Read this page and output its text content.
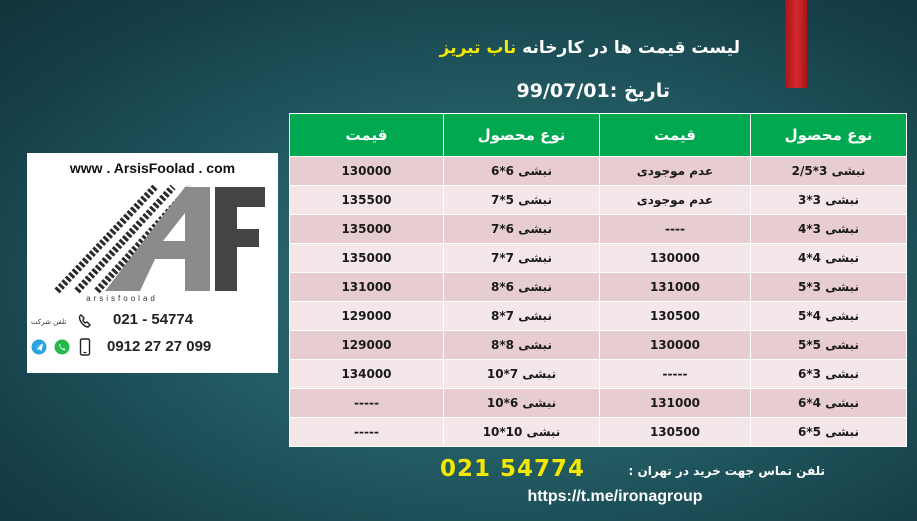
لیست قیمت ها در کارخانه ناب تبریز
تاریخ :99/07/01
www . ArsisFoolad . com
arsisfoolad
تلفن شرکت	021 - 54774
0912 27 27 099
نوع محصول	قیمت	نوع محصول	قیمت
نبشی 3*2/5	عدم موجودی	نبشی 6*6	130000
نبشی 3*3	عدم موجودی	نبشی 5*7	135500
نبشی 3*4	----	نبشی 6*7	135000
نبشی 4*4	130000	نبشی 7*7	135000
نبشی 3*5	131000	نبشی 6*8	131000
نبشی 4*5	130500	نبشی 7*8	129000
نبشی 5*5	130000	نبشی 8*8	129000
نبشی 3*6	-----	نبشی 7*10	134000
نبشی 4*6	131000	نبشی 6*10	-----
نبشی 5*6	130500	نبشی 10*10	-----
تلفن تماس جهت خرید در تهران :
021 54774
https://t.me/ironagroup
